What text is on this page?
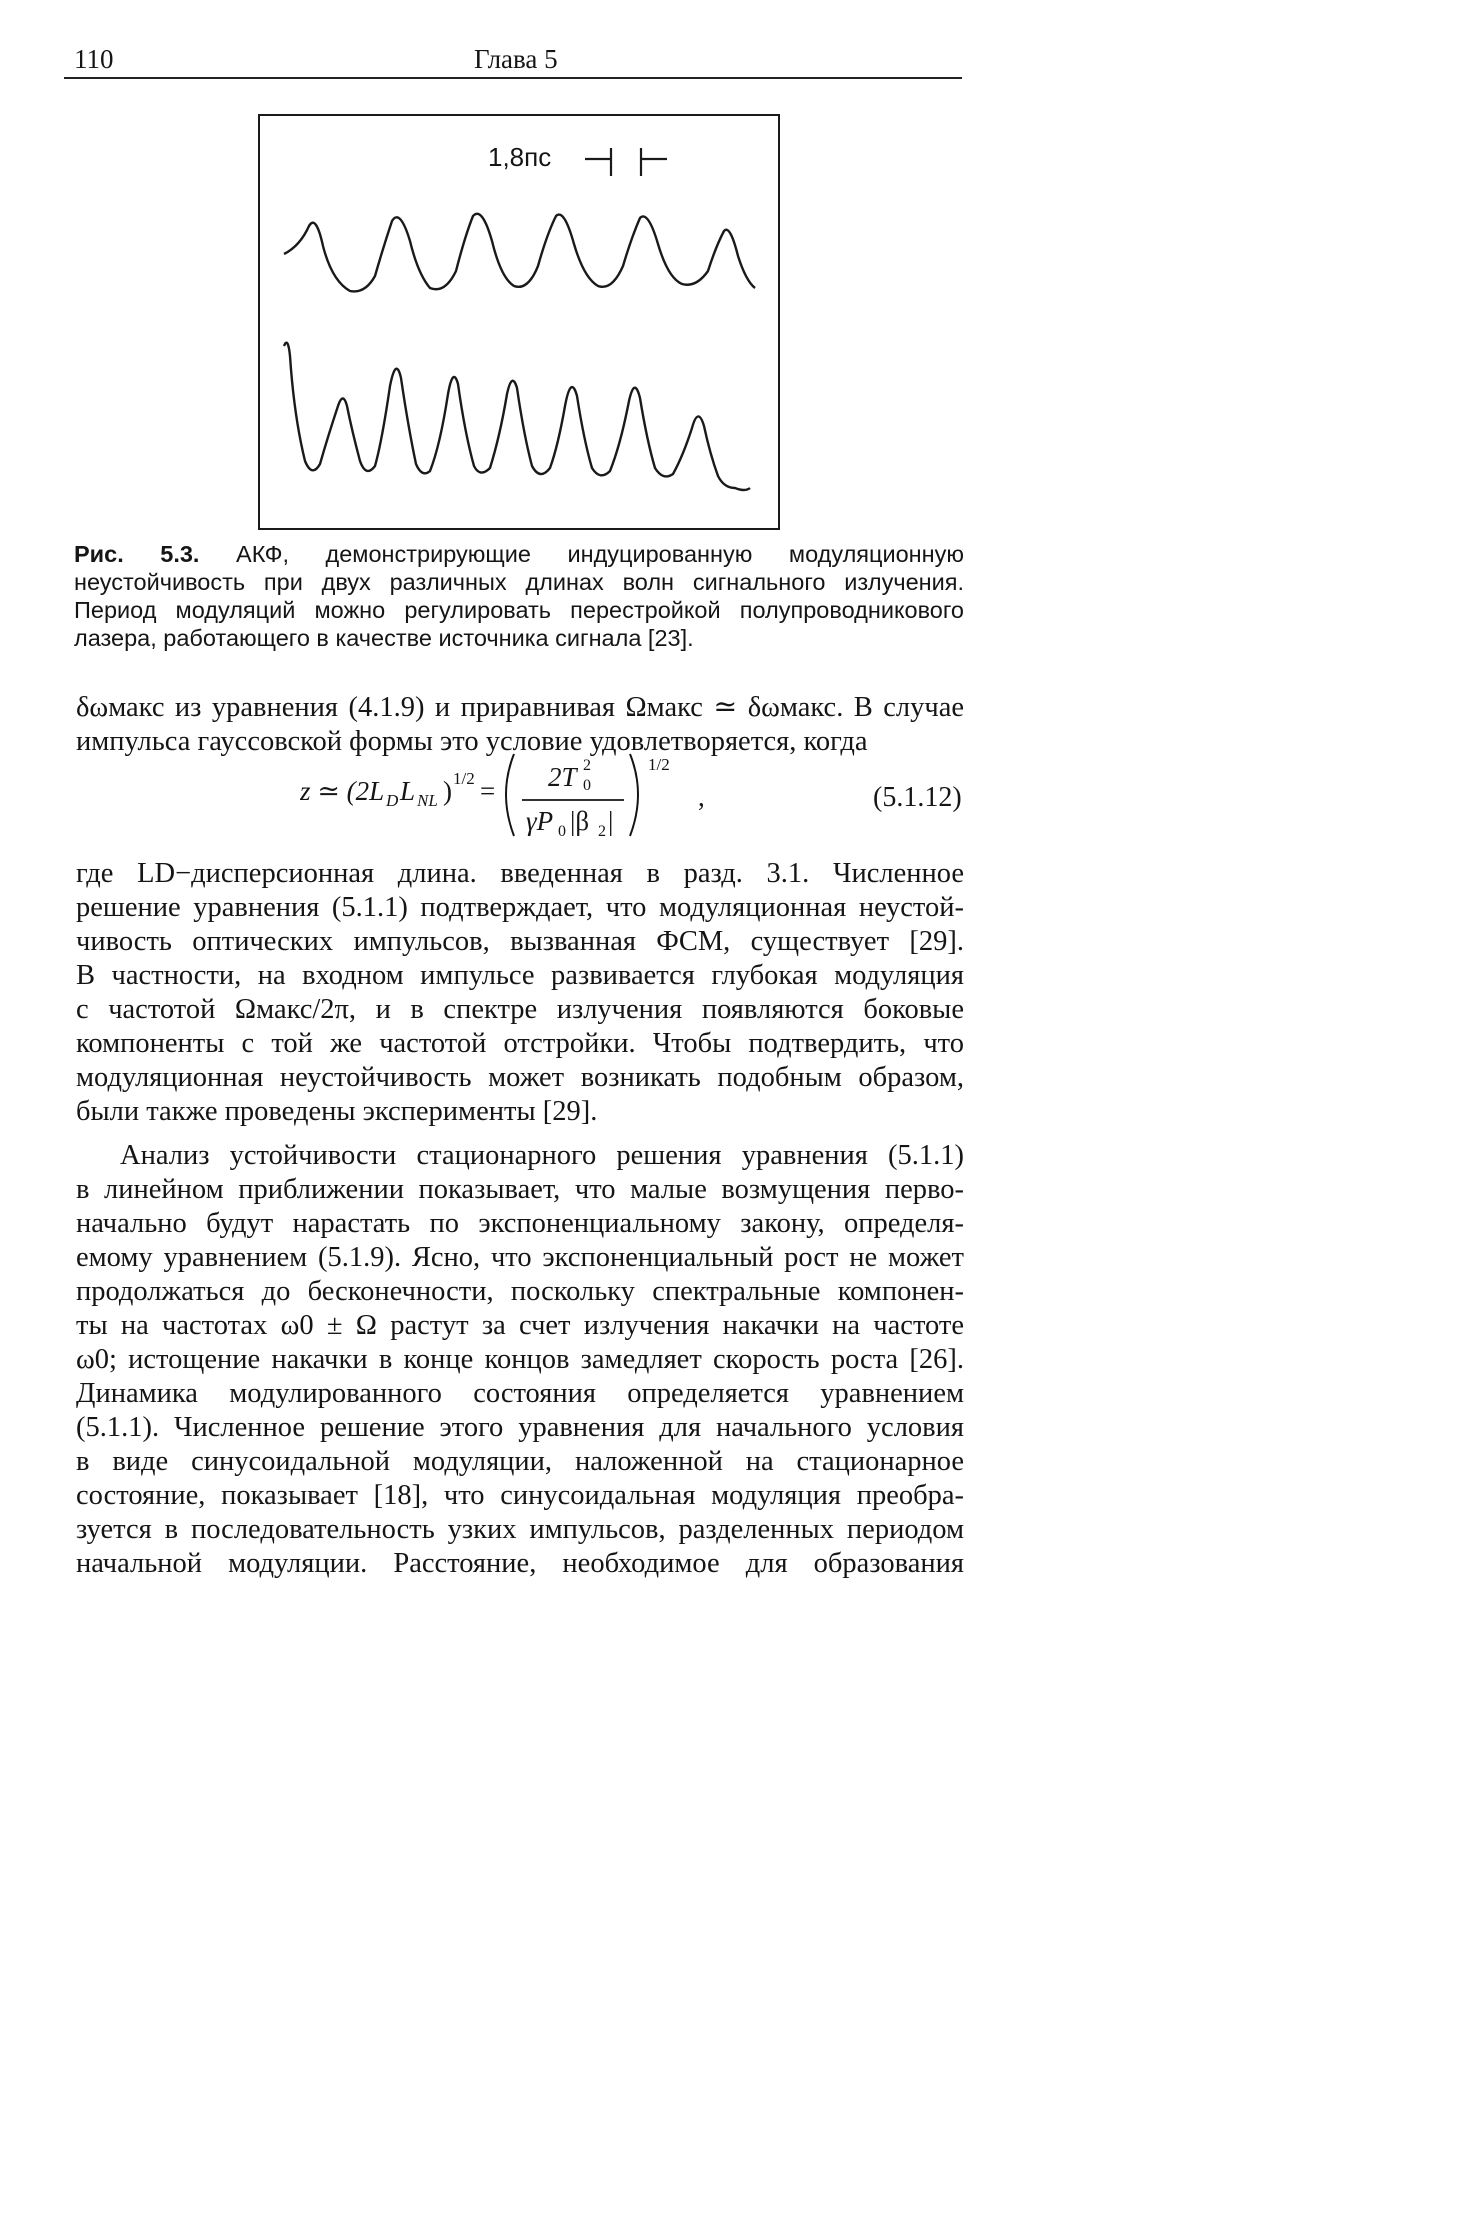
110	Глава 5
1,8пс
Рис. 5.3. АКФ, демонстрирующие индуцированную модуляционную неустойчивость при двух различных длинах волн сигнального излучения. Период модуляций можно регулировать перестройкой полупроводникового лазера, работающего в качестве источника сигнала [23].
δωмакс из уравнения (4.1.9) и приравнивая Ωмакс ≃ δωмакс. В случае
импульса гауссовской формы это условие удовлетворяется, когда
z ≃ (2L D L NL ) 1/2 = 2T 2
0
γP 0 |β 2 |
1/2
,	(5.1.12)
где LD−дисперсионная длина. введенная в разд. 3.1. Численное
решение уравнения (5.1.1) подтверждает, что модуляционная неустой-
чивость оптических импульсов, вызванная ФСМ, существует [29].
В частности, на входном импульсе развивается глубокая модуляция
с частотой Ωмакс/2π, и в спектре излучения появляются боковые
компоненты с той же частотой отстройки. Чтобы подтвердить, что
модуляционная неустойчивость может возникать подобным образом,
были также проведены эксперименты [29].
Анализ устойчивости стационарного решения уравнения (5.1.1)
в линейном приближении показывает, что малые возмущения перво-
начально будут нарастать по экспоненциальному закону, определя-
емому уравнением (5.1.9). Ясно, что экспоненциальный рост не может
продолжаться до бесконечности, поскольку спектральные компонен-
ты на частотах ω0 ± Ω растут за счет излучения накачки на частоте
ω0; истощение накачки в конце концов замедляет скорость роста [26].
Динамика модулированного состояния определяется уравнением
(5.1.1). Численное решение этого уравнения для начального условия
в виде синусоидальной модуляции, наложенной на стационарное
состояние, показывает [18], что синусоидальная модуляция преобра-
зуется в последовательность узких импульсов, разделенных периодом
начальной модуляции. Расстояние, необходимое для образования
